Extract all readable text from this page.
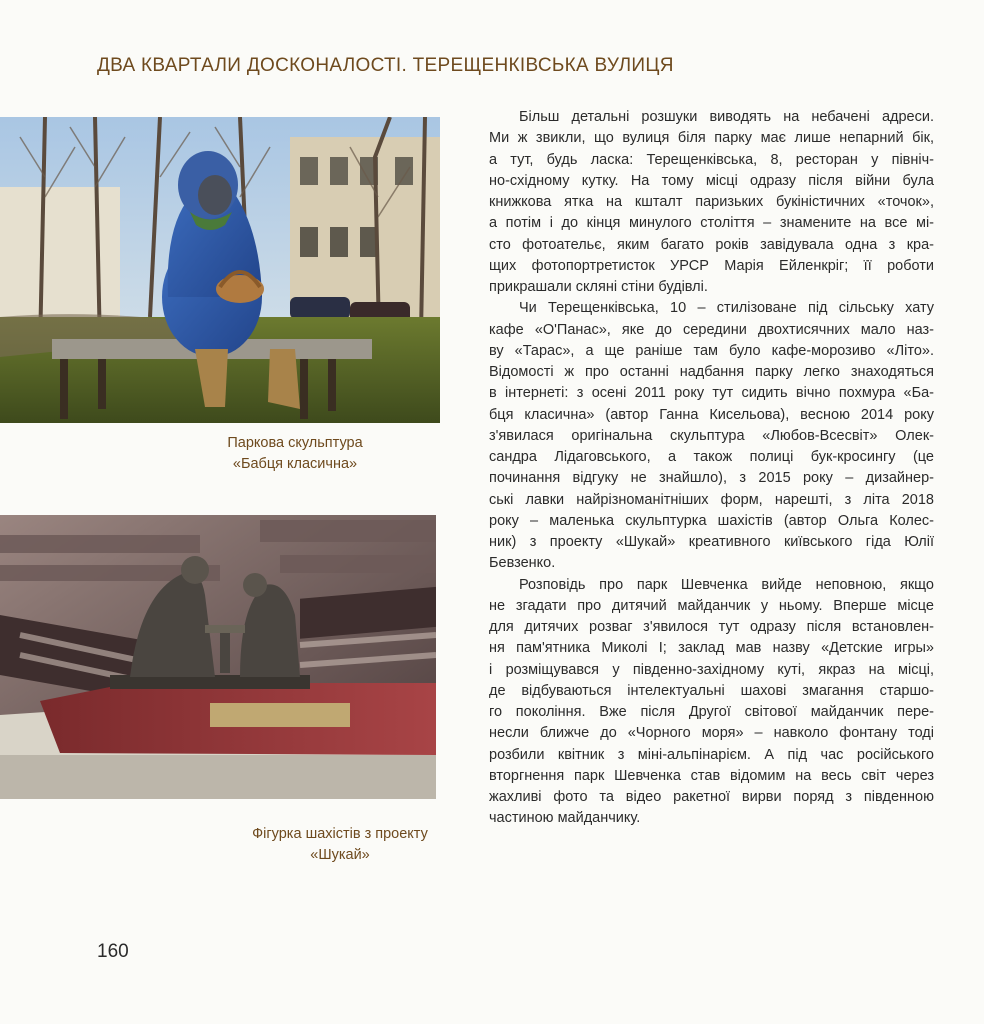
ДВА КВАРТАЛИ ДОСКОНАЛОСТІ. ТЕРЕЩЕНКІВСЬКА ВУЛИЦЯ
Паркова скульптура
«Бабця класична»
Фігурка шахістів з проекту
«Шукай»
Більш детальні розшуки виводять на небачені адреси.
Ми ж звикли, що вулиця біля парку має лише непарний бік,
а тут, будь ласка: Терещенківська, 8, ресторан у північ-
но-східному кутку. На тому місці одразу після війни була
книжкова ятка на кшталт паризьких букіністичних «точок»,
а потім і до кінця минулого століття – знамените на все мі-
сто фотоательє, яким багато років завідувала одна з кра-
щих фотопортретисток УРСР Марія Ейленкріг; її роботи
прикрашали скляні стіни будівлі.
Чи Терещенківська, 10 – стилізоване під сільську хату
кафе «О'Панас», яке до середини двохтисячних мало наз-
ву «Тарас», а ще раніше там було кафе-морозиво «Літо».
Відомості ж про останні надбання парку легко знаходяться
в інтернеті: з осені 2011 року тут сидить вічно похмура «Ба-
бця класична» (автор Ганна Кисельова), весною 2014 року
з'явилася оригінальна скульптура «Любов-Всесвіт» Олек-
сандра Лідаговського, а також полиці бук-кросингу (це
починання відгуку не знайшло), з 2015 року – дизайнер-
ські лавки найрізноманітніших форм, нарешті, з літа 2018
року – маленька скульптурка шахістів (автор Ольга Колес-
ник) з проекту «Шукай» креативного київського гіда Юлії
Бевзенко.
Розповідь про парк Шевченка вийде неповною, якщо
не згадати про дитячий майданчик у ньому. Вперше місце
для дитячих розваг з'явилося тут одразу після встановлен-
ня пам'ятника Миколі І; заклад мав назву «Детские игры»
і розміщувався у південно-західному куті, якраз на місці,
де відбуваються інтелектуальні шахові змагання старшо-
го покоління. Вже після Другої світової майданчик пере-
несли ближче до «Чорного моря» – навколо фонтану тоді
розбили квітник з міні-альпінарієм. А під час російського
вторгнення парк Шевченка став відомим на весь світ через
жахливі фото та відео ракетної вирви поряд з південною
частиною майданчику.
160
